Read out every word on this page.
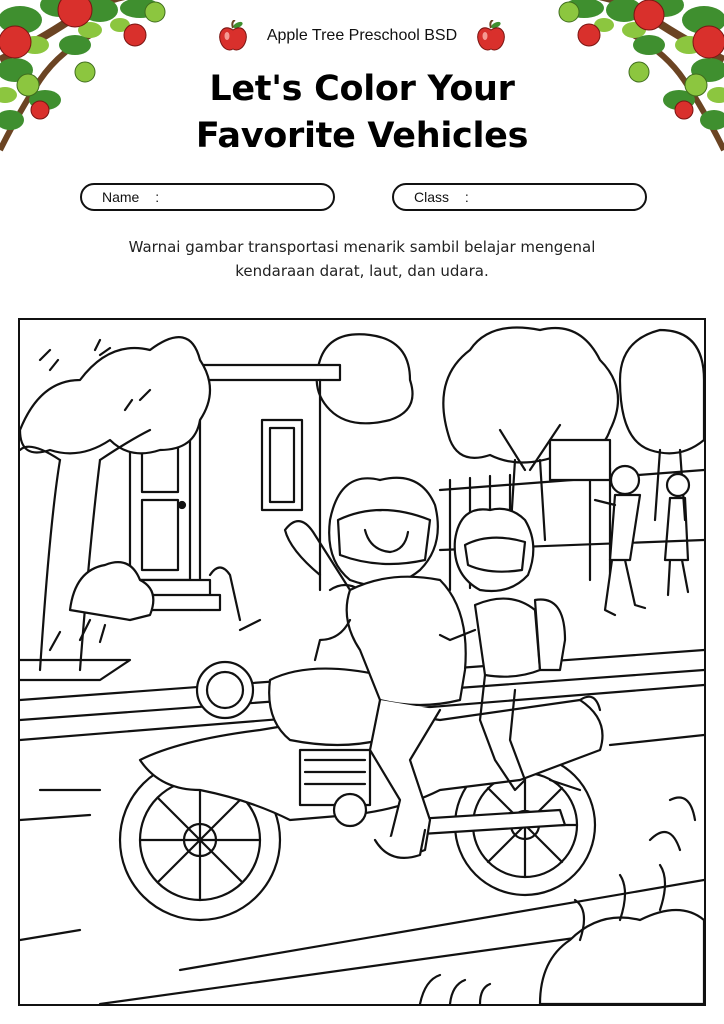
Apple Tree Preschool BSD
Let's Color Your
Favorite Vehicles
Name :	Class :
Warnai gambar transportasi menarik sambil belajar mengenal
kendaraan darat, laut, dan udara.
